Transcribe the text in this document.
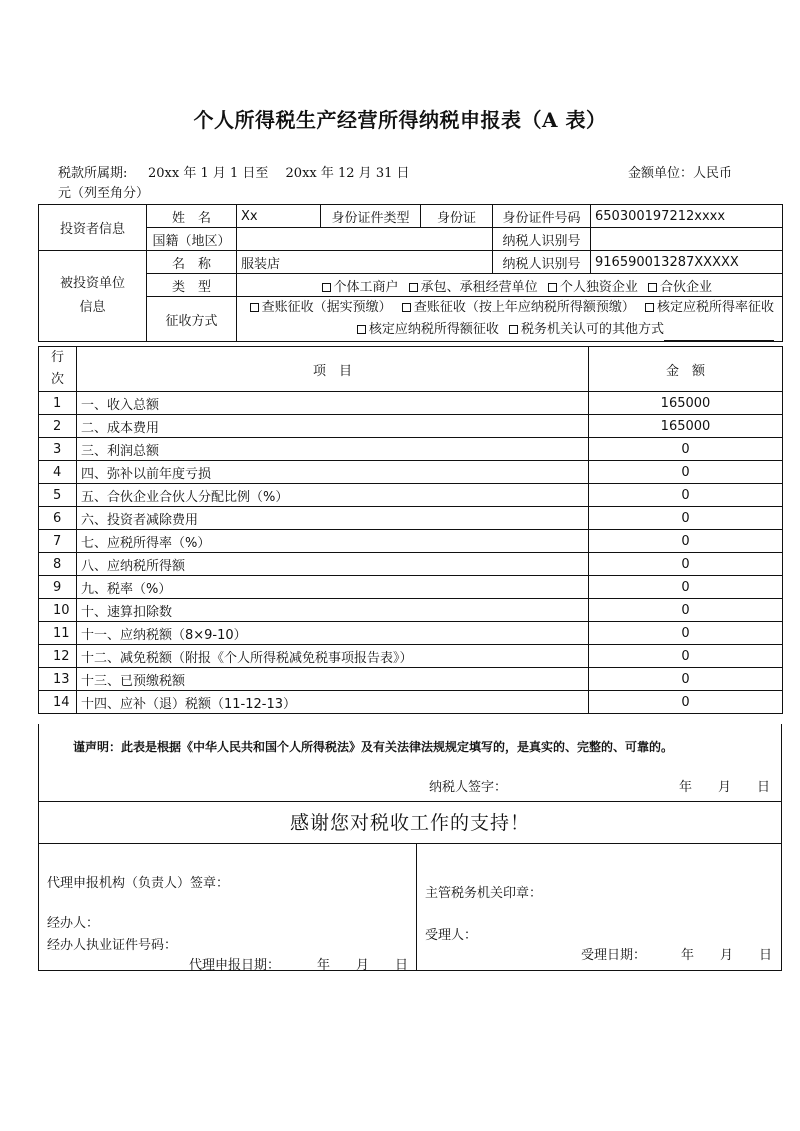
个人所得税生产经营所得纳税申报表（A 表）
税款所属期: 20xx 年 1 月 1 日至　 20xx 年 12 月 31 日	金额单位：人民币
元（列至角分）
投资者信息	姓　名	Xx	身份证件类型	身份证	身份证件号码	650300197212xxxx
	国籍（地区）				纳税人识别号	

被投资单位
信息	名　称	服装店			纳税人识别号	916590013287XXXXX
	类　型	个体工商户 承包、承租经营单位 个人独资企业 合伙企业				
	征收方式	查账征收（据实预缴） 查账征收（按上年应纳税所得额预缴） 核定应税所得率征收
核定应纳税所得额征收 税务机关认可的其他方式				
行
次	项　目	金　额
1	一、收入总额	165000
2	二、成本费用	165000
3	三、利润总额	0
4	四、弥补以前年度亏损	0
5	五、合伙企业合伙人分配比例（%）	0
6	六、投资者减除费用	0
7	七、应税所得率（%）	0
8	八、应纳税所得额	0
9	九、税率（%）	0
10	十、速算扣除数	0
11	十一、应纳税额（8×9-10）	0
12	十二、减免税额（附报《个人所得税减免税事项报告表》）	0
13	十三、已预缴税额	0
14	十四、应补（退）税额（11-12-13）	0
谨声明：此表是根据《中华人民共和国个人所得税法》及有关法律法规规定填写的，是真实的、完整的、可靠的。
纳税人签字：	年　　月　　日
感谢您对税收工作的支持！
代理申报机构（负责人）签章：
经办人：
经办人执业证件号码：
代理申报日期：	年　　月　　日
主管税务机关印章：
受理人：
受理日期：	年　　月　　日
